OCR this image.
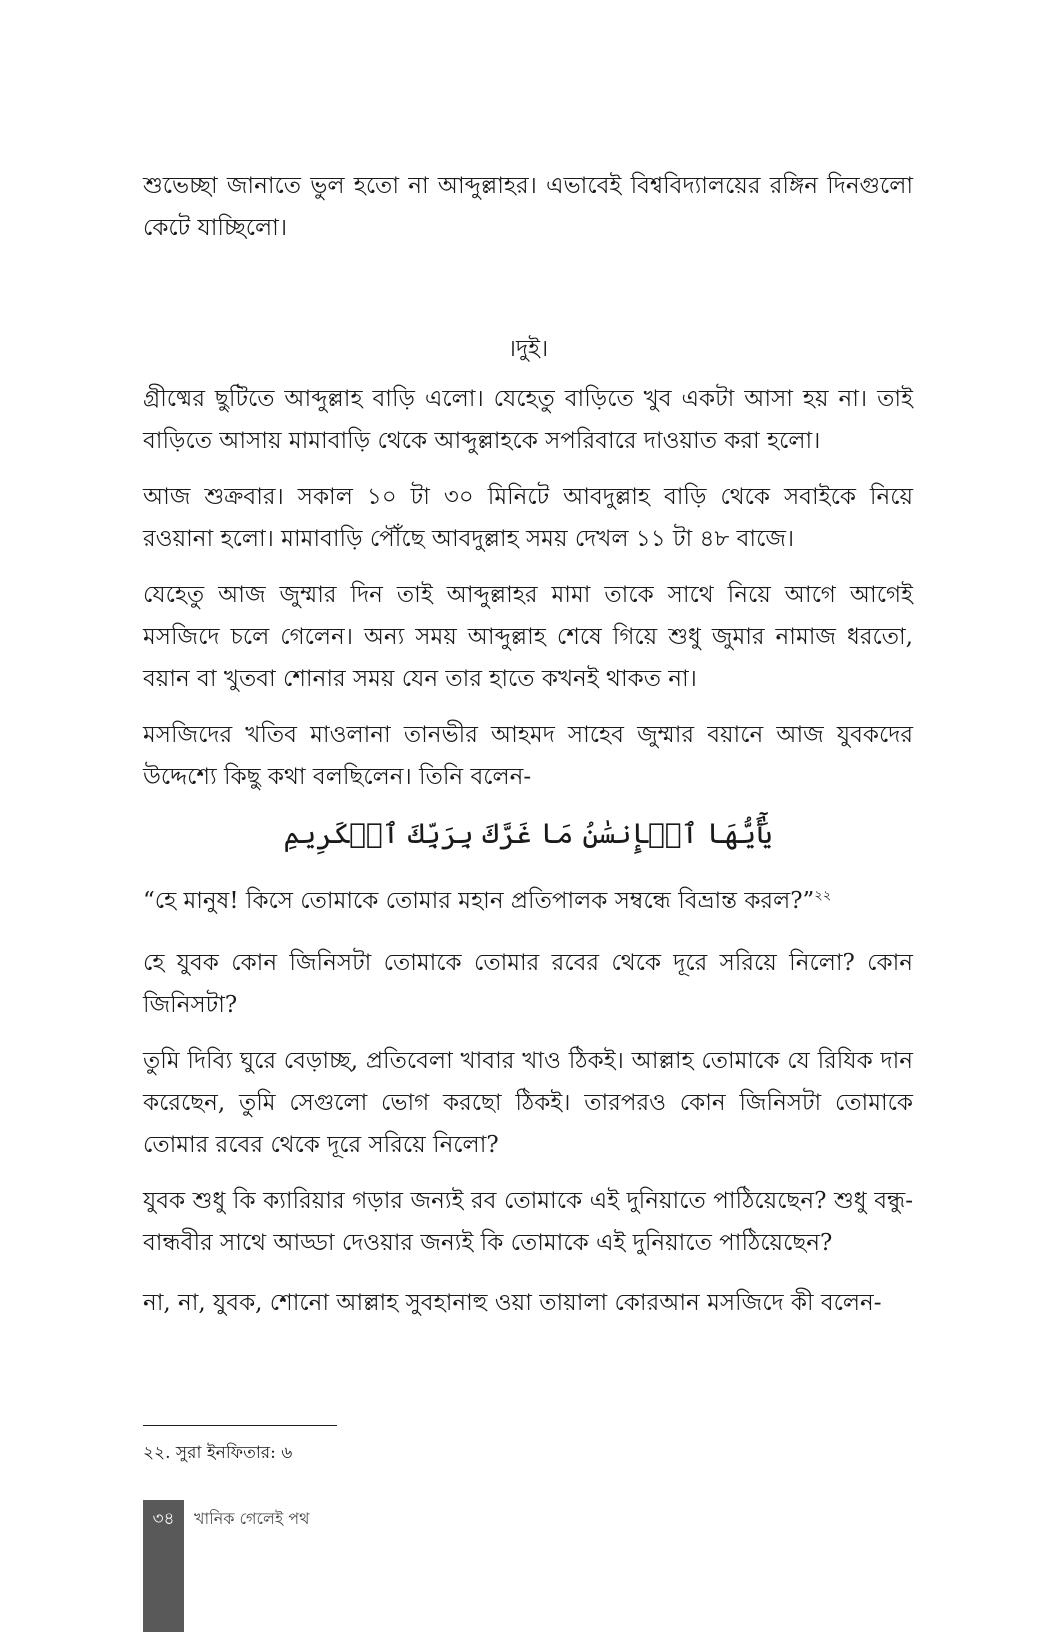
শুভেচ্ছা জানাতে ভুল হতো না আব্দুল্লাহর। এভাবেই বিশ্ববিদ্যালয়ের রঙ্গিন দিনগুলো কেটে যাচ্ছিলো।

।দুই।

গ্রীষ্মের ছুটিতে আব্দুল্লাহ বাড়ি এলো। যেহেতু বাড়িতে খুব একটা আসা হয় না। তাই বাড়িতে আসায় মামাবাড়ি থেকে আব্দুল্লাহকে সপরিবারে দাওয়াত করা হলো।

আজ শুক্রবার। সকাল ১০ টা ৩০ মিনিটে আবদুল্লাহ বাড়ি থেকে সবাইকে নিয়ে রওয়ানা হলো। মামাবাড়ি পৌঁছে আবদুল্লাহ সময় দেখল ১১ টা ৪৮ বাজে।

যেহেতু আজ জুম্মার দিন তাই আব্দুল্লাহর মামা তাকে সাথে নিয়ে আগে আগেই মসজিদে চলে গেলেন। অন্য সময় আব্দুল্লাহ শেষে গিয়ে শুধু জুমার নামাজ ধরতো, বয়ান বা খুতবা শোনার সময় যেন তার হাতে কখনই থাকত না।

মসজিদের খতিব মাওলানা তানভীর আহমদ সাহেব জুম্মার বয়ানে আজ যুবকদের উদ্দেশ্যে কিছু কথা বলছিলেন। তিনি বলেন-

يَٰٓأَيُّهَا ٱلۡإِنسَٰنُ مَا غَرَّكَ بِرَبِّكَ ٱلۡكَرِيمِ

“হে মানুষ! কিসে তোমাকে তোমার মহান প্রতিপালক সম্বন্ধে বিভ্রান্ত করল?”$^{২২}$

হে যুবক কোন জিনিসটা তোমাকে তোমার রবের থেকে দূরে সরিয়ে নিলো? কোন জিনিসটা?

তুমি দিব্যি ঘুরে বেড়াচ্ছ, প্রতিবেলা খাবার খাও ঠিকই। আল্লাহ তোমাকে যে রিযিক দান করেছেন, তুমি সেগুলো ভোগ করছো ঠিকই। তারপরও কোন জিনিসটা তোমাকে তোমার রবের থেকে দূরে সরিয়ে নিলো?

যুবক শুধু কি ক্যারিয়ার গড়ার জন্যই রব তোমাকে এই দুনিয়াতে পাঠিয়েছেন? শুধু বন্ধু-বান্ধবীর সাথে আড্ডা দেওয়ার জন্যই কি তোমাকে এই দুনিয়াতে পাঠিয়েছেন?

না, না, যুবক, শোনো আল্লাহ সুবহানাহু ওয়া তায়ালা কোরআন মসজিদে কী বলেন-

২২. সুরা ইনফিতার: ৬

৩৪	খানিক গেলেই পথ
